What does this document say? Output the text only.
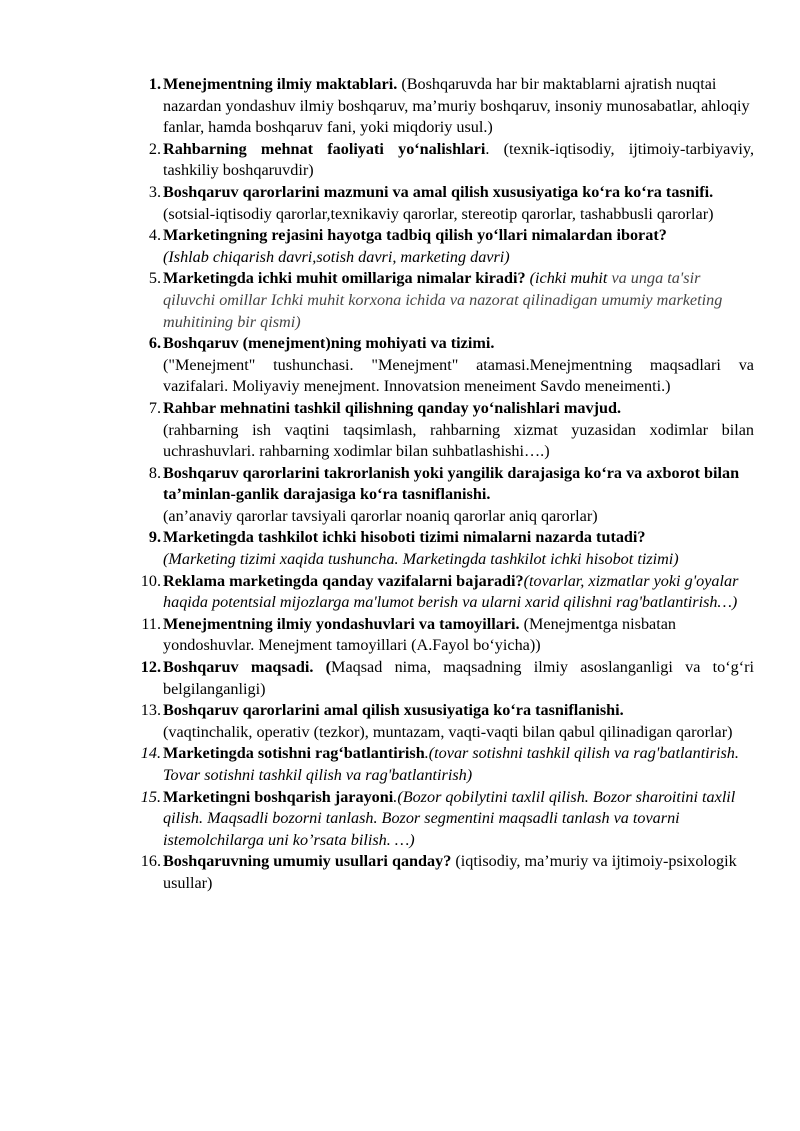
1. Menejmentning ilmiy maktablari. (Boshqaruvda har bir maktablarni ajratish nuqtai nazardan yondashuv ilmiy boshqaruv, ma’muriy boshqaruv, insoniy munosabatlar, ahloqiy fanlar, hamda boshqaruv fani, yoki miqdoriy usul.)
2. Rahbarning mehnat faoliyati yo‘nalishlari. (texnik-iqtisodiy, ijtimoiy-tarbiyaviy, tashkiliy boshqaruvdir)
3. Boshqaruv qarorlarini mazmuni va amal qilish xususiyatiga ko‘ra ko‘ra tasnifi. (sotsial-iqtisodiy qarorlar,texnikaviy qarorlar, stereotip qarorlar, tashabbusli qarorlar)
4. Marketingning rejasini hayotga tadbiq qilish yo‘llari nimalardan iborat?
(Ishlab chiqarish davri,sotish davri, marketing davri)
5. Marketingda ichki muhit omillariga nimalar kiradi? (ichki muhit va unga ta'sir qiluvchi omillar Ichki muhit korxona ichida va nazorat qilinadigan umumiy marketing muhitining bir qismi)
6. Boshqaruv (menejment)ning mohiyati va tizimi.
("Menejment" tushunchasi. "Menejment" atamasi.Menejmentning maqsadlari va vazifalari. Moliyaviy menejment. Innovatsion meneiment Savdo meneimenti.)
7. Rahbar mehnatini tashkil qilishning qanday yo‘nalishlari mavjud.
(rahbarning ish vaqtini taqsimlash, rahbarning xizmat yuzasidan xodimlar bilan uchrashuvlari. rahbarning xodimlar bilan suhbatlashishi….)
8. Boshqaruv qarorlarini takrorlanish yoki yangilik darajasiga ko‘ra va axborot bilan ta’minlan-ganlik darajasiga ko‘ra tasniflanishi.
(an’anaviy qarorlar tavsiyali qarorlar noaniq qarorlar aniq qarorlar)
9. Marketingda tashkilot ichki hisoboti tizimi nimalarni nazarda tutadi?
(Marketing tizimi xaqida tushuncha. Marketingda tashkilot ichki hisobot tizimi)
10. Reklama marketingda qanday vazifalarni bajaradi?(tovarlar, xizmatlar yoki g'oyalar haqida potentsial mijozlarga ma'lumot berish va ularni xarid qilishni rag'batlantirish…)
11. Menejmentning ilmiy yondashuvlari va tamoyillari. (Menejmentga nisbatan yondoshuvlar. Menejment tamoyillari (A.Fayol bo‘yicha))
12. Boshqaruv maqsadi. (Maqsad nima, maqsadning ilmiy asoslanganligi va to‘g‘ri belgilanganligi)
13. Boshqaruv qarorlarini amal qilish xususiyatiga ko‘ra tasniflanishi.
(vaqtinchalik, operativ (tezkor), muntazam, vaqti-vaqti bilan qabul qilinadigan qarorlar)
14. Marketingda sotishni rag‘batlantirish.(tovar sotishni tashkil qilish va rag'batlantirish. Tovar sotishni tashkil qilish va rag'batlantirish)
15. Marketingni boshqarish jarayoni.(Bozor qobilytini taxlil qilish. Bozor sharoitini taxlil qilish. Maqsadli bozorni tanlash. Bozor segmentini maqsadli tanlash va tovarni istemolchilarga uni ko’rsata bilish. …)
16. Boshqaruvning umumiy usullari qanday? (iqtisodiy, ma’muriy va ijtimoiy-psixologik usullar)
